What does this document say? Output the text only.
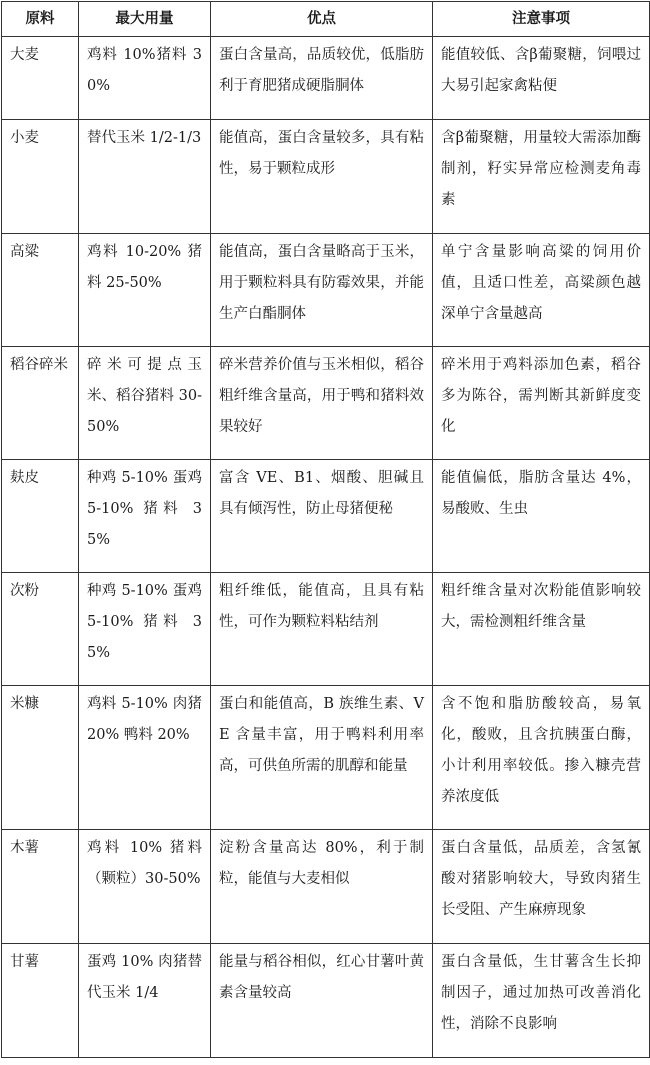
原料	最大用量	优点	注意事项
大麦	鸡料 10%猪料 30%	蛋白含量高，品质较优，低脂肪利于育肥猪成硬脂胴体	能值较低、含β葡聚糖，饲喂过大易引起家禽粘便
小麦	替代玉米 1/2-1/3	能值高，蛋白含量较多，具有粘性，易于颗粒成形	含β葡聚糖，用量较大需添加酶制剂，籽实异常应检测麦角毒素
高粱	鸡料 10-20% 猪料 25-50%	能值高，蛋白含量略高于玉米，用于颗粒料具有防霉效果，并能生产白酯胴体	单宁含量影响高粱的饲用价值，且适口性差，高粱颜色越深单宁含量越高
稻谷碎米	碎米可提点玉米、稻谷猪料 30-50%	碎米营养价值与玉米相似，稻谷粗纤维含量高，用于鸭和猪料效果较好	碎米用于鸡料添加色素，稻谷多为陈谷，需判断其新鲜度变化
麸皮	种鸡 5-10% 蛋鸡 5-10% 猪料 35%	富含 VE、B1、烟酸、胆碱且具有倾泻性，防止母猪便秘	能值偏低，脂肪含量达 4%，易酸败、生虫
次粉	种鸡 5-10% 蛋鸡 5-10% 猪料 35%	粗纤维低，能值高，且具有粘性，可作为颗粒料粘结剂	粗纤维含量对次粉能值影响较大，需检测粗纤维含量
米糠	鸡料 5-10% 肉猪 20% 鸭料 20%	蛋白和能值高，B 族维生素、VE 含量丰富，用于鸭料利用率高，可供鱼所需的肌醇和能量	含不饱和脂肪酸较高，易氧化，酸败，且含抗胰蛋白酶，小计利用率较低。掺入糠壳营养浓度低
木薯	鸡料 10% 猪料（颗粒）30-50%	淀粉含量高达 80%，利于制粒，能值与大麦相似	蛋白含量低，品质差，含氢氰酸对猪影响较大，导致肉猪生长受阻、产生麻痹现象
甘薯	蛋鸡 10% 肉猪替代玉米 1/4	能量与稻谷相似，红心甘薯叶黄素含量较高	蛋白含量低，生甘薯含生长抑制因子，通过加热可改善消化性，消除不良影响
